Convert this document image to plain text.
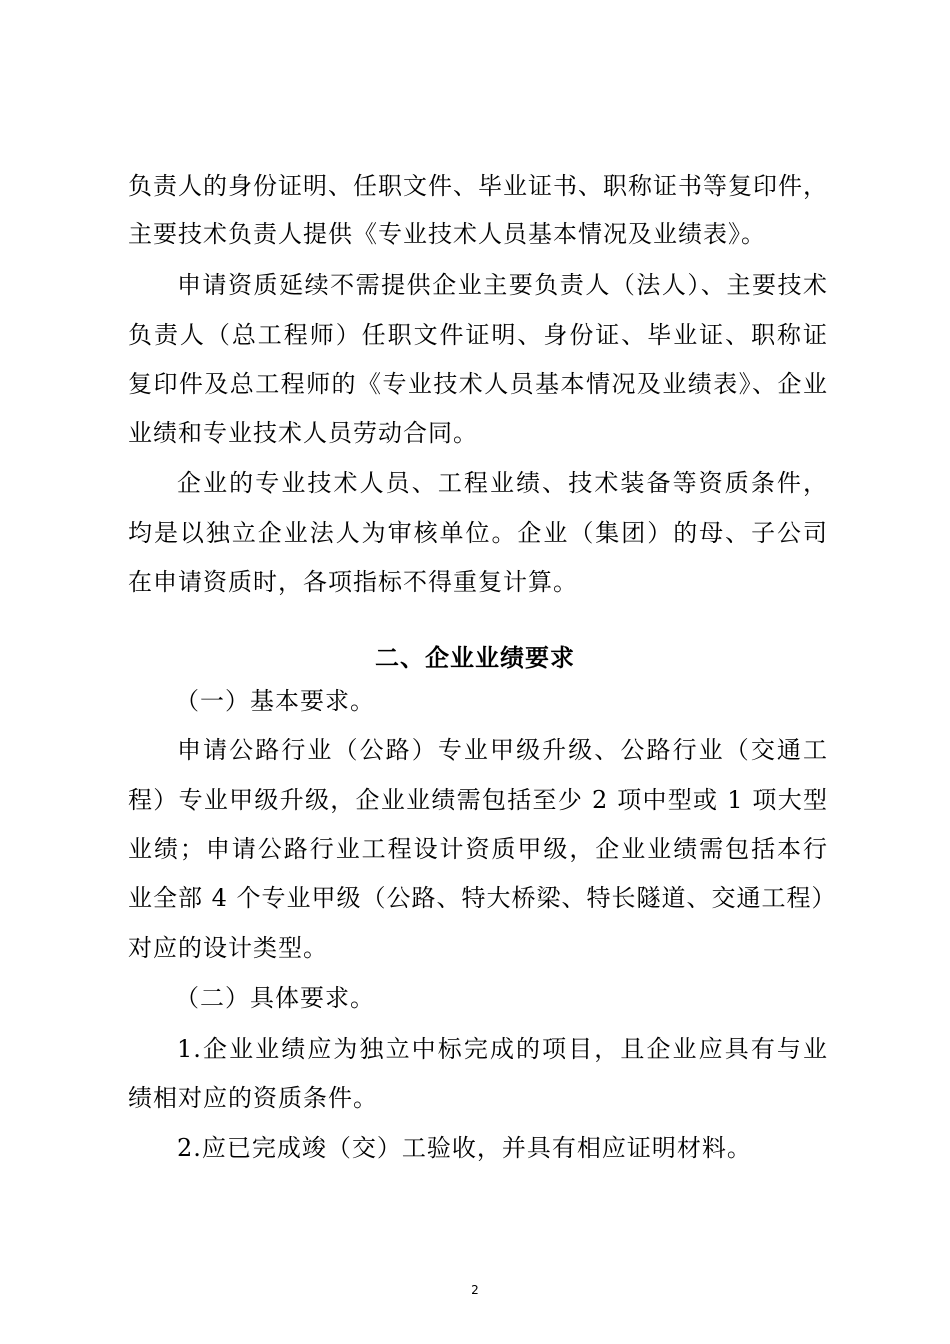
负责人的身份证明、任职文件、毕业证书、职称证书等复印件，
主要技术负责人提供《专业技术人员基本情况及业绩表》。
申请资质延续不需提供企业主要负责人（法人）、主要技术
负责人（总工程师）任职文件证明、身份证、毕业证、职称证
复印件及总工程师的《专业技术人员基本情况及业绩表》、企业
业绩和专业技术人员劳动合同。
企业的专业技术人员、工程业绩、技术装备等资质条件，
均是以独立企业法人为审核单位。企业（集团）的母、子公司
在申请资质时，各项指标不得重复计算。
二、企业业绩要求
（一）基本要求。
申请公路行业（公路）专业甲级升级、公路行业（交通工
程）专业甲级升级，企业业绩需包括至少 2 项中型或 1 项大型
业绩；申请公路行业工程设计资质甲级，企业业绩需包括本行
业全部 4 个专业甲级（公路、特大桥梁、特长隧道、交通工程）
对应的设计类型。
（二）具体要求。
1.企业业绩应为独立中标完成的项目，且企业应具有与业
绩相对应的资质条件。
2.应已完成竣（交）工验收，并具有相应证明材料。
2
